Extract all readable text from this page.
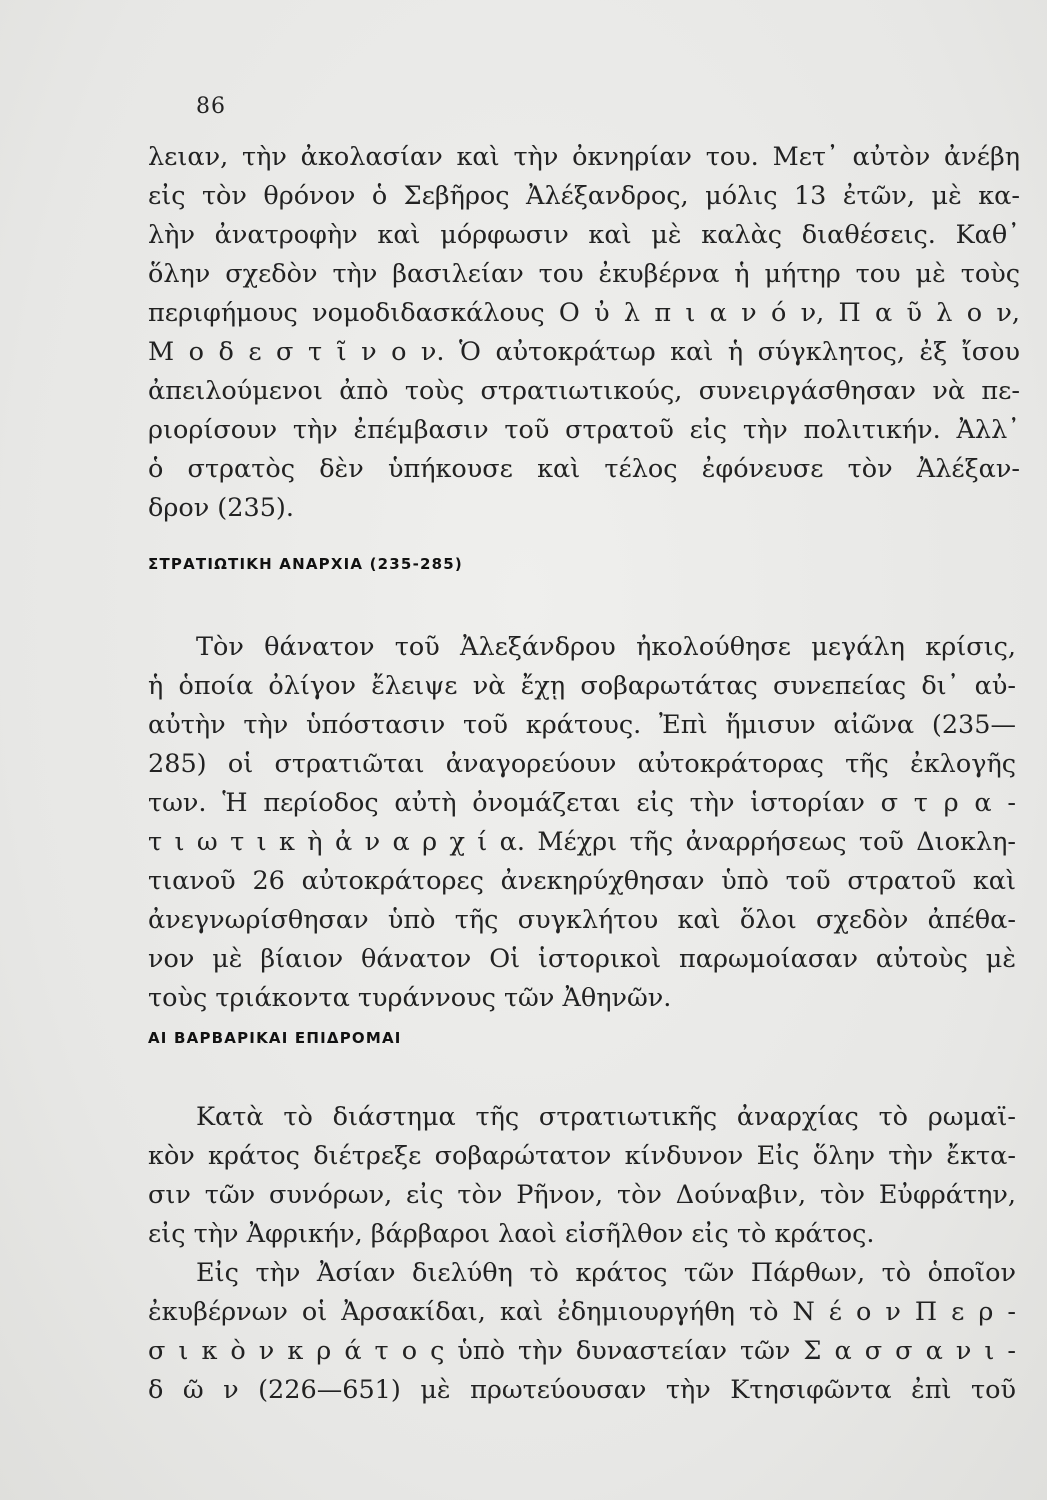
86
λειαν, τὴν ἀκολασίαν καὶ τὴν ὀκνηρίαν του. Μετ᾽ αὐτὸν ἀνέβη
εἰς τὸν θρόνον ὁ Σεβῆρος Ἀλέξανδρος, μόλις 13 ἐτῶν, μὲ κα-
λὴν ἀνατροφὴν καὶ μόρφωσιν καὶ μὲ καλὰς διαθέσεις. Καθ᾽
ὅλην σχεδὸν τὴν βασιλείαν του ἐκυβέρνα ἡ μήτηρ του μὲ τοὺς
περιφήμους νομοδιδασκάλους Ο ὐ λ π ι α ν ό ν, Π α ῦ λ ο ν,
Μ ο δ ε σ τ ῖ ν ο ν. Ὁ αὐτοκράτωρ καὶ ἡ σύγκλητος, ἐξ ἴσου
ἀπειλούμενοι ἀπὸ τοὺς στρατιωτικούς, συνειργάσθησαν νὰ πε-
ριορίσουν τὴν ἐπέμβασιν τοῦ στρατοῦ εἰς τὴν πολιτικήν. Ἀλλ᾽
ὁ στρατὸς δὲν ὑπήκουσε καὶ τέλος ἐφόνευσε τὸν Ἀλέξαν-
δρον (235).
ΣΤΡΑΤΙΩΤΙΚΗ ΑΝΑΡΧΙΑ (235-285)
Τὸν θάνατον τοῦ Ἀλεξάνδρου ἠκολούθησε μεγάλη κρίσις,
ἡ ὁποία ὀλίγον ἔλειψε νὰ ἔχῃ σοβαρωτάτας συνεπείας δι᾽ αὐ-
αὐτὴν τὴν ὑπόστασιν τοῦ κράτους. Ἐπὶ ἥμισυν αἰῶνα (235—
285) οἱ στρατιῶται ἀναγορεύουν αὐτοκράτορας τῆς ἐκλογῆς
των. Ἡ περίοδος αὐτὴ ὀνομάζεται εἰς τὴν ἱστορίαν σ τ ρ α -
τ ι ω τ ι κ ὴ ἀ ν α ρ χ ί α. Μέχρι τῆς ἀναρρήσεως τοῦ Διοκλη-
τιανοῦ 26 αὐτοκράτορες ἀνεκηρύχθησαν ὑπὸ τοῦ στρατοῦ καὶ
ἀνεγνωρίσθησαν ὑπὸ τῆς συγκλήτου καὶ ὅλοι σχεδὸν ἀπέθα-
νον μὲ βίαιον θάνατον Οἱ ἱστορικοὶ παρωμοίασαν αὐτοὺς μὲ
τοὺς τριάκοντα τυράννους τῶν Ἀθηνῶν.
ΑΙ ΒΑΡΒΑΡΙΚΑΙ ΕΠΙΔΡΟΜΑΙ
Κατὰ τὸ διάστημα τῆς στρατιωτικῆς ἀναρχίας τὸ ρωμαϊ-
κὸν κράτος διέτρεξε σοβαρώτατον κίνδυνον Εἰς ὅλην τὴν ἔκτα-
σιν τῶν συνόρων, εἰς τὸν Ρῆνον, τὸν Δούναβιν, τὸν Εὐφράτην,
εἰς τὴν Ἀφρικήν, βάρβαροι λαοὶ εἰσῆλθον εἰς τὸ κράτος.
Εἰς τὴν Ἀσίαν διελύθη τὸ κράτος τῶν Πάρθων, τὸ ὁποῖον
ἐκυβέρνων οἱ Ἀρσακίδαι, καὶ ἐδημιουργήθη τὸ Ν έ ο ν Π ε ρ -
σ ι κ ὸ ν κ ρ ά τ ο ς ὑπὸ τὴν δυναστείαν τῶν Σ α σ σ α ν ι -
δ ῶ ν (226—651) μὲ πρωτεύουσαν τὴν Κτησιφῶντα ἐπὶ τοῦ
